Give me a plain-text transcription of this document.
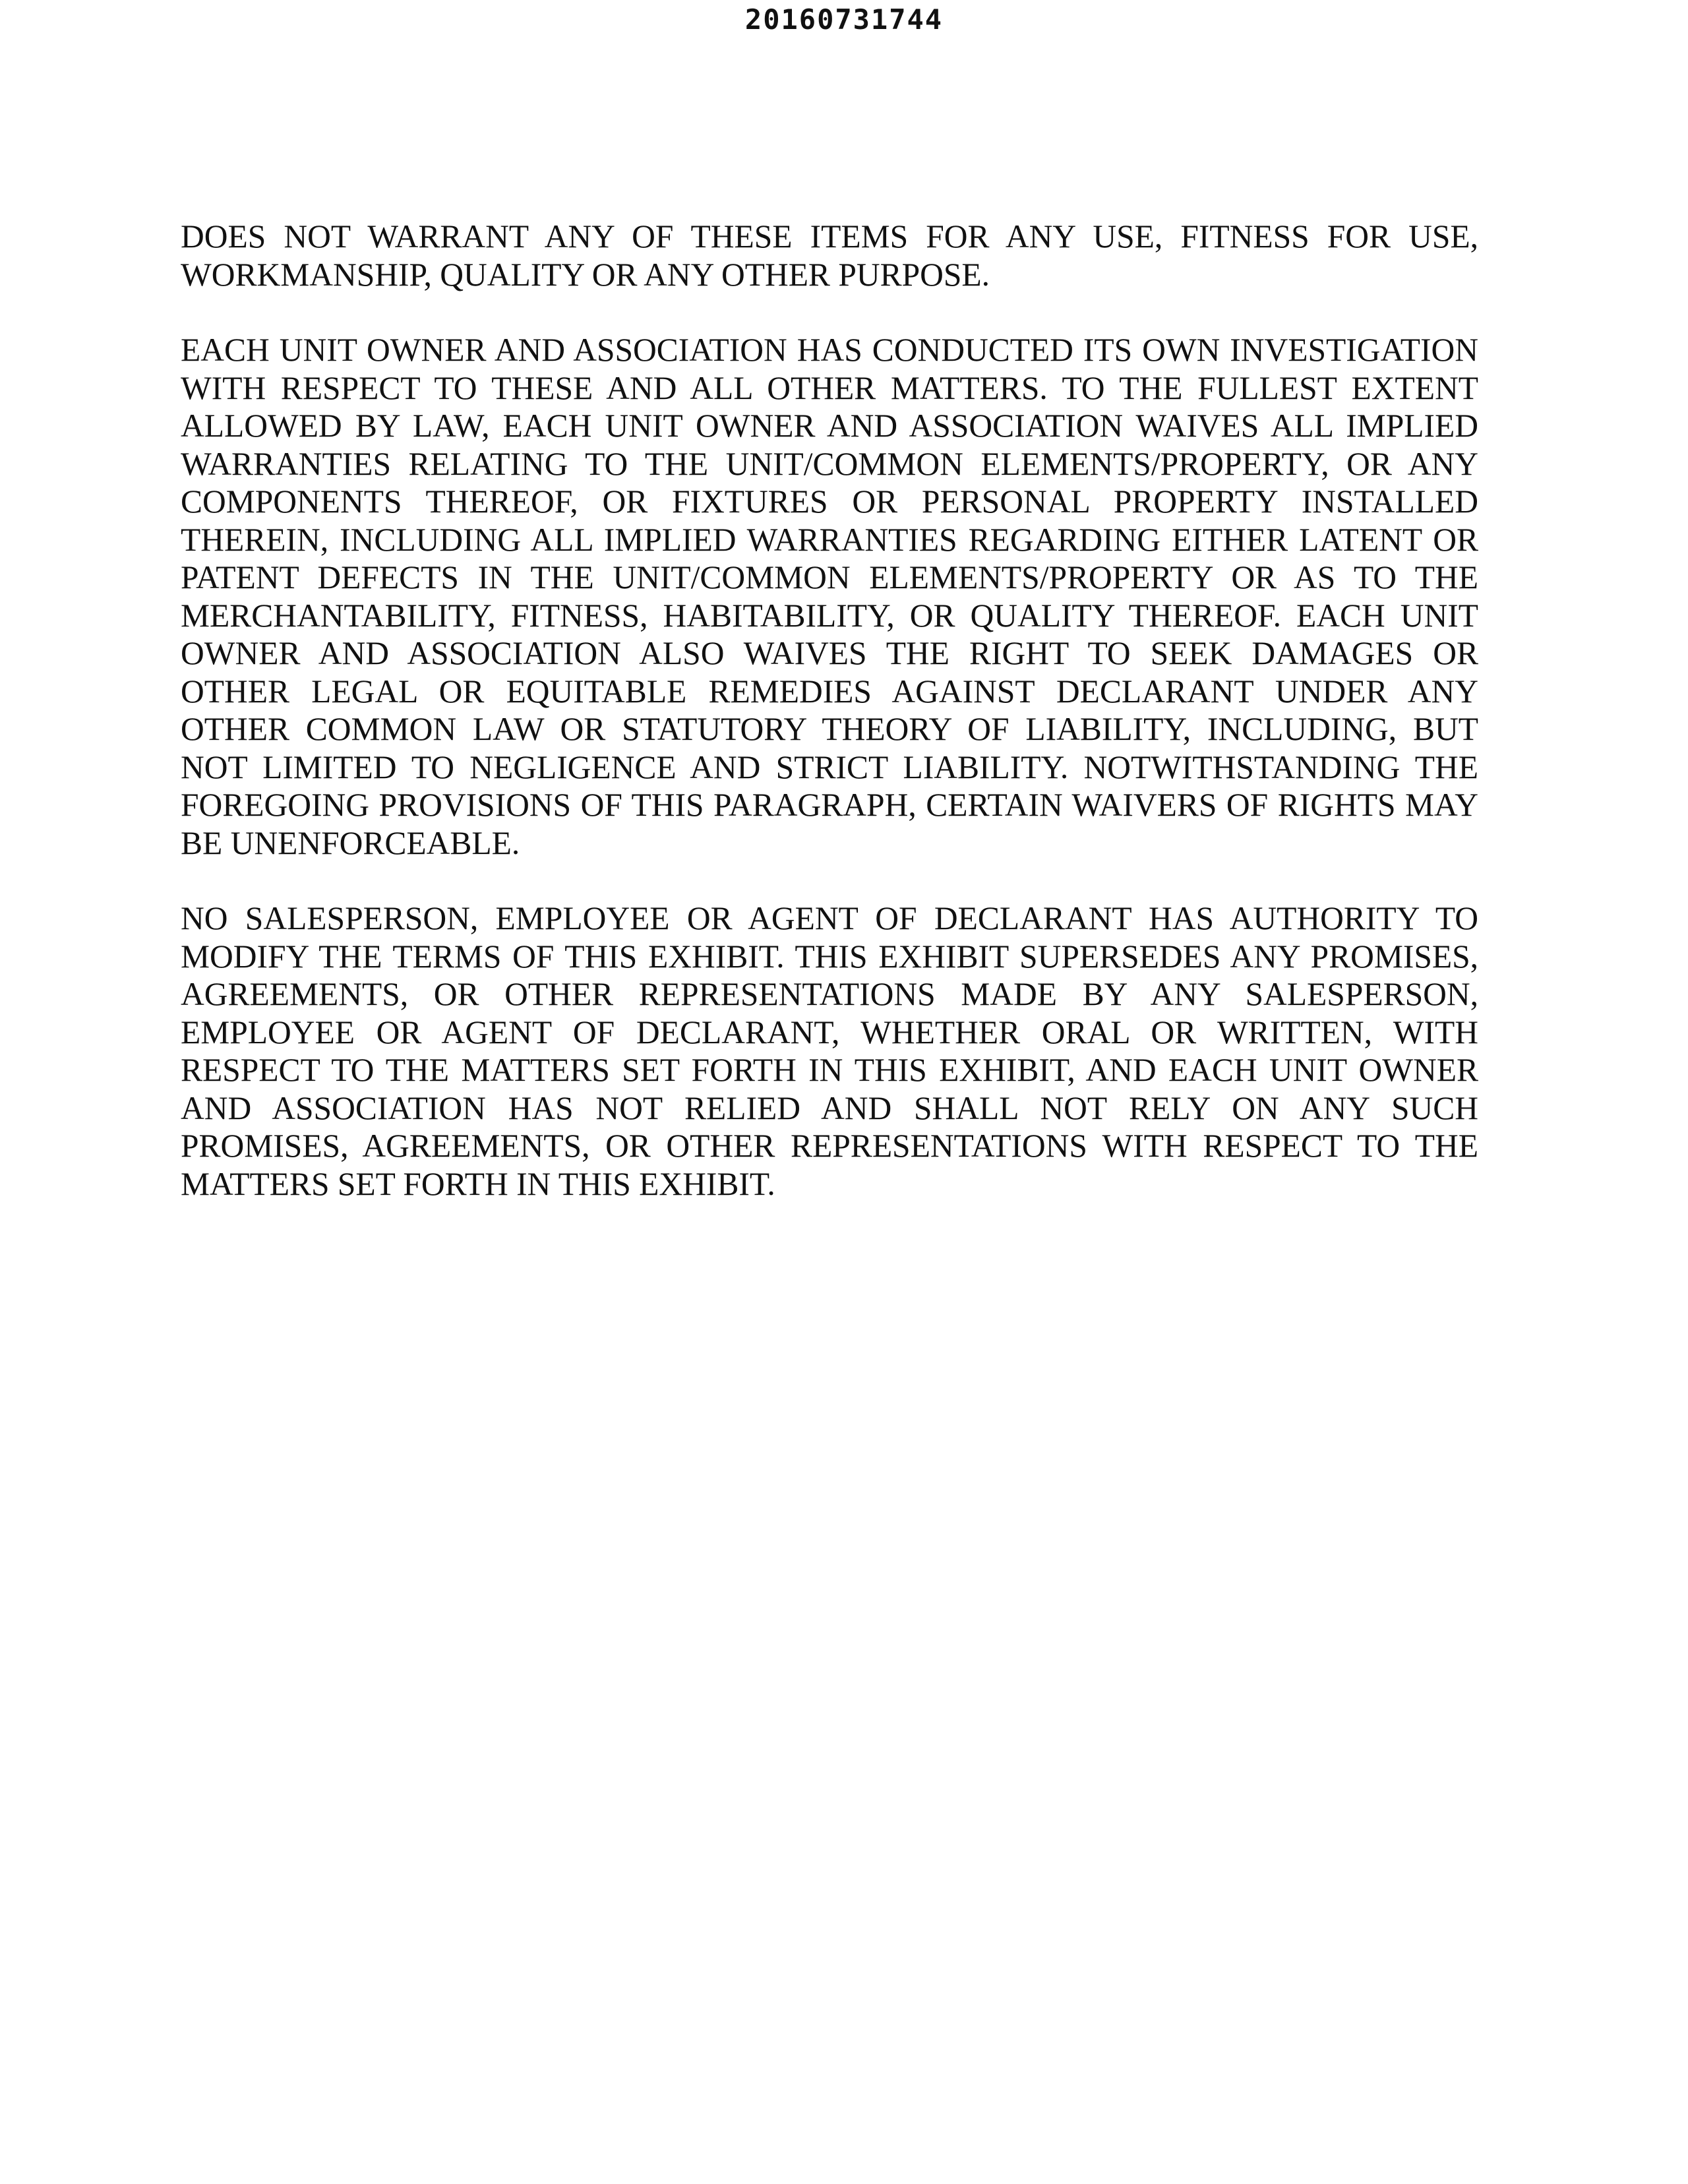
20160731744

DOES NOT WARRANT ANY OF THESE ITEMS FOR ANY USE, FITNESS FOR USE, WORKMANSHIP, QUALITY OR ANY OTHER PURPOSE.

EACH UNIT OWNER AND ASSOCIATION HAS CONDUCTED ITS OWN INVESTIGATION WITH RESPECT TO THESE AND ALL OTHER MATTERS. TO THE FULLEST EXTENT ALLOWED BY LAW, EACH UNIT OWNER AND ASSOCIATION WAIVES ALL IMPLIED WARRANTIES RELATING TO THE UNIT/COMMON ELEMENTS/PROPERTY, OR ANY COMPONENTS THEREOF, OR FIXTURES OR PERSONAL PROPERTY INSTALLED THEREIN, INCLUDING ALL IMPLIED WARRANTIES REGARDING EITHER LATENT OR PATENT DEFECTS IN THE UNIT/COMMON ELEMENTS/PROPERTY OR AS TO THE MERCHANTABILITY, FITNESS, HABITABILITY, OR QUALITY THEREOF. EACH UNIT OWNER AND ASSOCIATION ALSO WAIVES THE RIGHT TO SEEK DAMAGES OR OTHER LEGAL OR EQUITABLE REMEDIES AGAINST DECLARANT UNDER ANY OTHER COMMON LAW OR STATUTORY THEORY OF LIABILITY, INCLUDING, BUT NOT LIMITED TO NEGLIGENCE AND STRICT LIABILITY. NOTWITHSTANDING THE FOREGOING PROVISIONS OF THIS PARAGRAPH, CERTAIN WAIVERS OF RIGHTS MAY BE UNENFORCEABLE.

NO SALESPERSON, EMPLOYEE OR AGENT OF DECLARANT HAS AUTHORITY TO MODIFY THE TERMS OF THIS EXHIBIT. THIS EXHIBIT SUPERSEDES ANY PROMISES, AGREEMENTS, OR OTHER REPRESENTATIONS MADE BY ANY SALESPERSON, EMPLOYEE OR AGENT OF DECLARANT, WHETHER ORAL OR WRITTEN, WITH RESPECT TO THE MATTERS SET FORTH IN THIS EXHIBIT, AND EACH UNIT OWNER AND ASSOCIATION HAS NOT RELIED AND SHALL NOT RELY ON ANY SUCH PROMISES, AGREEMENTS, OR OTHER REPRESENTATIONS WITH RESPECT TO THE MATTERS SET FORTH IN THIS EXHIBIT.
